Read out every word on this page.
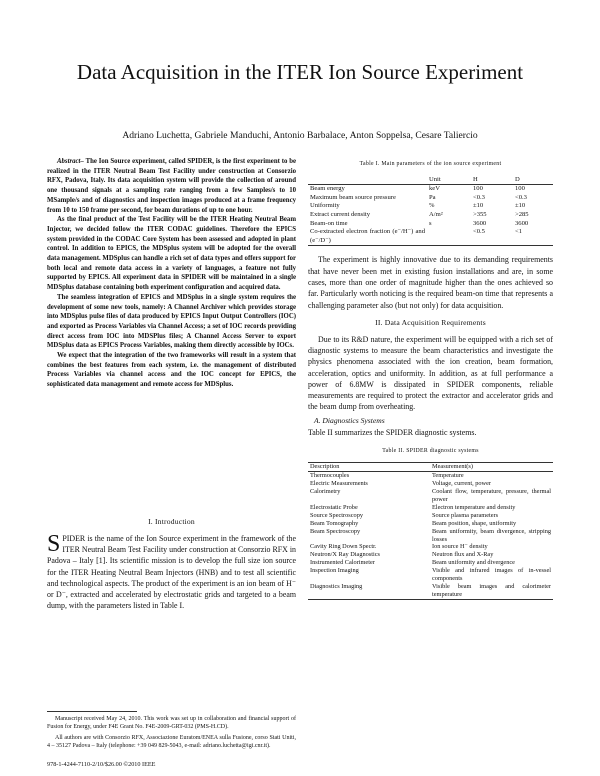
Data Acquisition in the ITER Ion Source Experiment
Adriano Luchetta, Gabriele Manduchi, Antonio Barbalace, Anton Soppelsa, Cesare Taliercio

Abstract– The Ion Source experiment, called SPIDER, is the first experiment to be realized in the ITER Neutral Beam Test Facility under construction at Consorzio RFX, Padova, Italy. Its data acquisition system will provide the collection of around one thousand signals at a sampling rate ranging from a few Samples/s to 10 MSample/s and of diagnostics and inspection images produced at a frame frequency from 10 to 150 frame per second, for beam durations of up to one hour.

As the final product of the Test Facility will be the ITER Heating Neutral Beam Injector, we decided follow the ITER CODAC guidelines. Therefore the EPICS system provided in the CODAC Core System has been assessed and adopted in plant control. In addition to EPICS, the MDSplus system will be adopted for the overall data management. MDSplus can handle a rich set of data types and offers support for both local and remote data access in a variety of languages, a feature not fully supported by EPICS. All experiment data in SPIDER will be maintained in a single MDSplus database containing both experiment configuration and acquired data.

The seamless integration of EPICS and MDSplus in a single system requires the development of some new tools, namely: A Channel Archiver which provides storage into MDSplus pulse files of data produced by EPICS Input Output Controllers (IOC) and exported as Process Variables via Channel Access; a set of IOC records providing direct access from IOC into MDSPlus files; A Channel Access Server to export MDSplus data as EPICS Process Variables, making them directly accessible by IOCs.

We expect that the integration of the two frameworks will result in a system that combines the best features from each system, i.e. the management of distributed Process Variables via channel access and the IOC concept for EPICS, the sophisticated data management and remote access for MDSplus.

I. Introduction

SPIDER is the name of the Ion Source experiment in the framework of the ITER Neutral Beam Test Facility under construction at Consorzio RFX in Padova – Italy [1]. Its scientific mission is to develop the full size ion source for the ITER Heating Neutral Beam Injectors (HNB) and to test all scientific and technological aspects. The product of the experiment is an ion beam of H⁻ or D⁻, extracted and accelerated by electrostatic grids and targeted to a beam dump, with the parameters listed in Table I.

Manuscript received May 24, 2010. This work was set up in collaboration and financial support of Fusion for Energy, under F4E Grant No. F4E-2009-GRT-032 (PMS-H.CD).

All authors are with Consorzio RFX, Associazione Euratom/ENEA sulla Fusione, corso Stati Uniti, 4 – 35127 Padova – Italy (telephone: +39 049 829-5043, e-mail: adriano.luchetta@igi.cnr.it).

978-1-4244-7110-2/10/$26.00 ©2010 IEEE
Table I. Main parameters of the ion source experiment
	Unit	H	D
Beam energy	keV	100	100
Maximum beam source pressure	Pa	<0.3	<0.3
Uniformity	%	±10	±10
Extract current density	A/m²	>355	>285
Beam-on time	s	3600	3600
Co-extracted electron fraction (e⁻/H⁻) and (e⁻/D⁻)		<0.5	<1

The experiment is highly innovative due to its demanding requirements that have never been met in existing fusion installations and are, in some cases, more than one order of magnitude higher than the ones achieved so far. Particularly worth noticing is the required beam-on time that represents a challenging parameter also (but not only) for data acquisition.

II. Data Acquisition Requirements

Due to its R&D nature, the experiment will be equipped with a rich set of diagnostic systems to measure the beam characteristics and investigate the physics phenomena associated with the ion creation, beam formation, acceleration, optics and uniformity. In addition, as at full performance a power of 6.8MW is dissipated in SPIDER components, reliable measurements are required to protect the extractor and accelerator grids and the beam dump from overheating.

A. Diagnostics Systems

Table II summarizes the SPIDER diagnostic systems.

Table II. SPIDER diagnostic systems
Description	Measurement(s)
Thermocouples	Temperature
Electric Measurements	Voltage, current, power
Calorimetry	Coolant flow, temperature, pressure, thermal power
Electrostatic Probe	Electron temperature and density
Source Spectroscopy	Source plasma parameters
Beam Tomography	Beam position, shape, uniformity
Beam Spectroscopy	Beam uniformity, beam divergence, stripping losses
Cavity Ring Down Spectr.	Ion source H⁻ density
Neutron/X Ray Diagnostics	Neutron flux and X-Ray
Instrumented Calorimeter	Beam uniformity and divergence
Inspection Imaging	Visible and infrared images of in-vessel components
Diagnostics Imaging	Visible beam images and calorimeter temperature
